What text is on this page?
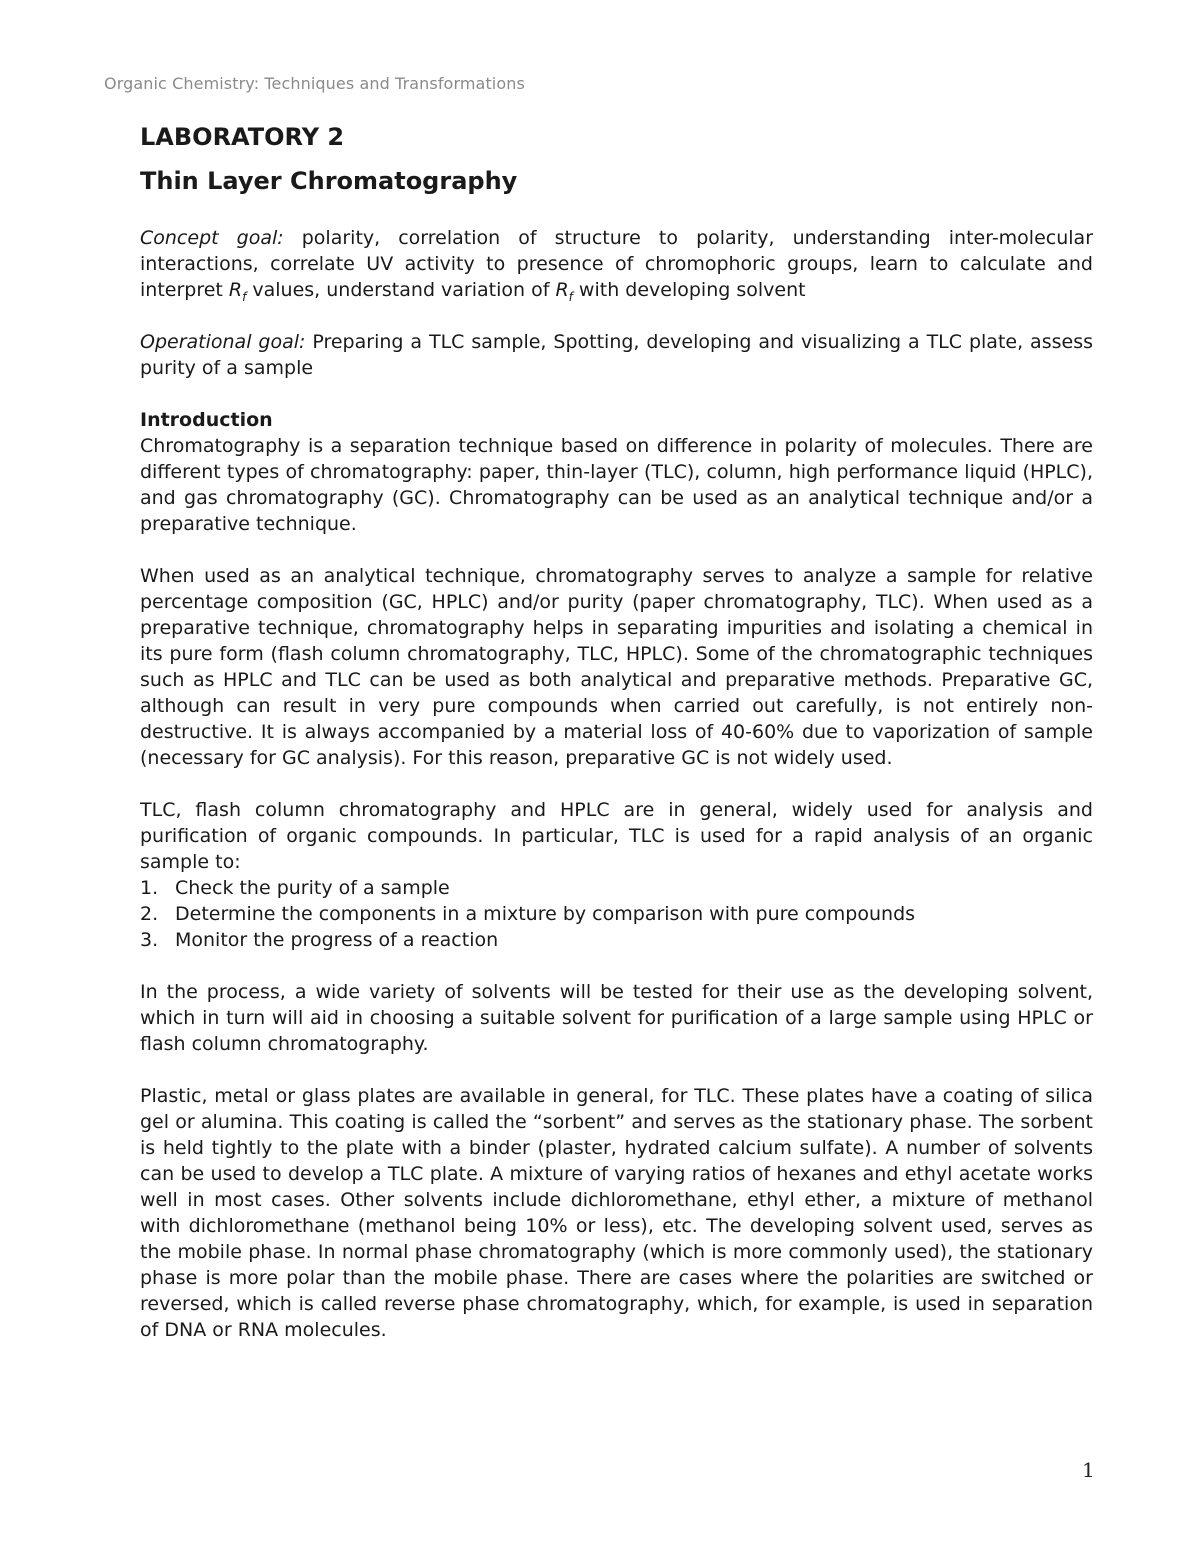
Organic Chemistry: Techniques and Transformations
LABORATORY 2
Thin Layer Chromatography

Concept goal: polarity, correlation of structure to polarity, understanding inter-molecular interactions, correlate UV activity to presence of chromophoric groups, learn to calculate and interpret $R_f$ values, understand variation of $R_f$ with developing solvent

Operational goal: Preparing a TLC sample, Spotting, developing and visualizing a TLC plate, assess purity of a sample

Introduction

Chromatography is a separation technique based on difference in polarity of molecules. There are different types of chromatography: paper, thin-layer (TLC), column, high performance liquid (HPLC), and gas chromatography (GC). Chromatography can be used as an analytical technique and/or a preparative technique.

When used as an analytical technique, chromatography serves to analyze a sample for relative percentage composition (GC, HPLC) and/or purity (paper chromatography, TLC). When used as a preparative technique, chromatography helps in separating impurities and isolating a chemical in its pure form (flash column chromatography, TLC, HPLC). Some of the chromatographic techniques such as HPLC and TLC can be used as both analytical and preparative methods. Preparative GC, although can result in very pure compounds when carried out carefully, is not entirely non-destructive. It is always accompanied by a material loss of 40-60% due to vaporization of sample (necessary for GC analysis). For this reason, preparative GC is not widely used.

TLC, flash column chromatography and HPLC are in general, widely used for analysis and purification of organic compounds. In particular, TLC is used for a rapid analysis of an organic sample to:

1. Check the purity of a sample
2. Determine the components in a mixture by comparison with pure compounds
3. Monitor the progress of a reaction

In the process, a wide variety of solvents will be tested for their use as the developing solvent, which in turn will aid in choosing a suitable solvent for purification of a large sample using HPLC or flash column chromatography.

Plastic, metal or glass plates are available in general, for TLC. These plates have a coating of silica gel or alumina. This coating is called the “sorbent” and serves as the stationary phase. The sorbent is held tightly to the plate with a binder (plaster, hydrated calcium sulfate). A number of solvents can be used to develop a TLC plate. A mixture of varying ratios of hexanes and ethyl acetate works well in most cases. Other solvents include dichloromethane, ethyl ether, a mixture of methanol with dichloromethane (methanol being 10% or less), etc. The developing solvent used, serves as the mobile phase. In normal phase chromatography (which is more commonly used), the stationary phase is more polar than the mobile phase. There are cases where the polarities are switched or reversed, which is called reverse phase chromatography, which, for example, is used in separation of DNA or RNA molecules.

1
